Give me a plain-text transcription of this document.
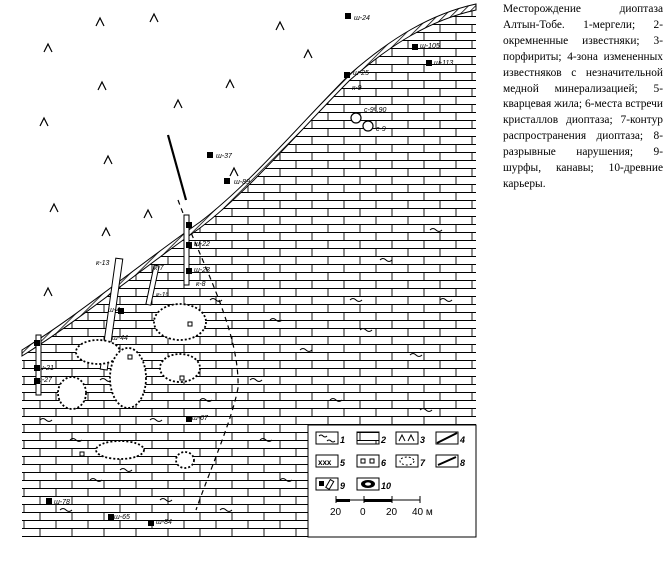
ш-24
ш-105
ш-113
ш-25
к-9
с-9⁶,90
с-9
ш-37
ш-89
ш-22
ш-23
к-8
к-13
к-7
к-1⁸
ш-4
ш-44
ш-21
ш-27
ш-67
ш-78
ш-65
ш-84
1	2	3	4
xxx 5	6	7	8
9	10
20 0 20 40 м

Месторождение диоптаза Алтын-Тобе. 1-мергели; 2-окремненные известняки; 3-порфириты; 4-зона измененных известняков с незначительной медной минерализацией; 5-кварцевая жила; 6-места встречи кристаллов диоптаза; 7-контур распространения диоптаза; 8-разрывные нарушения; 9-шурфы, канавы; 10-древние карьеры.
